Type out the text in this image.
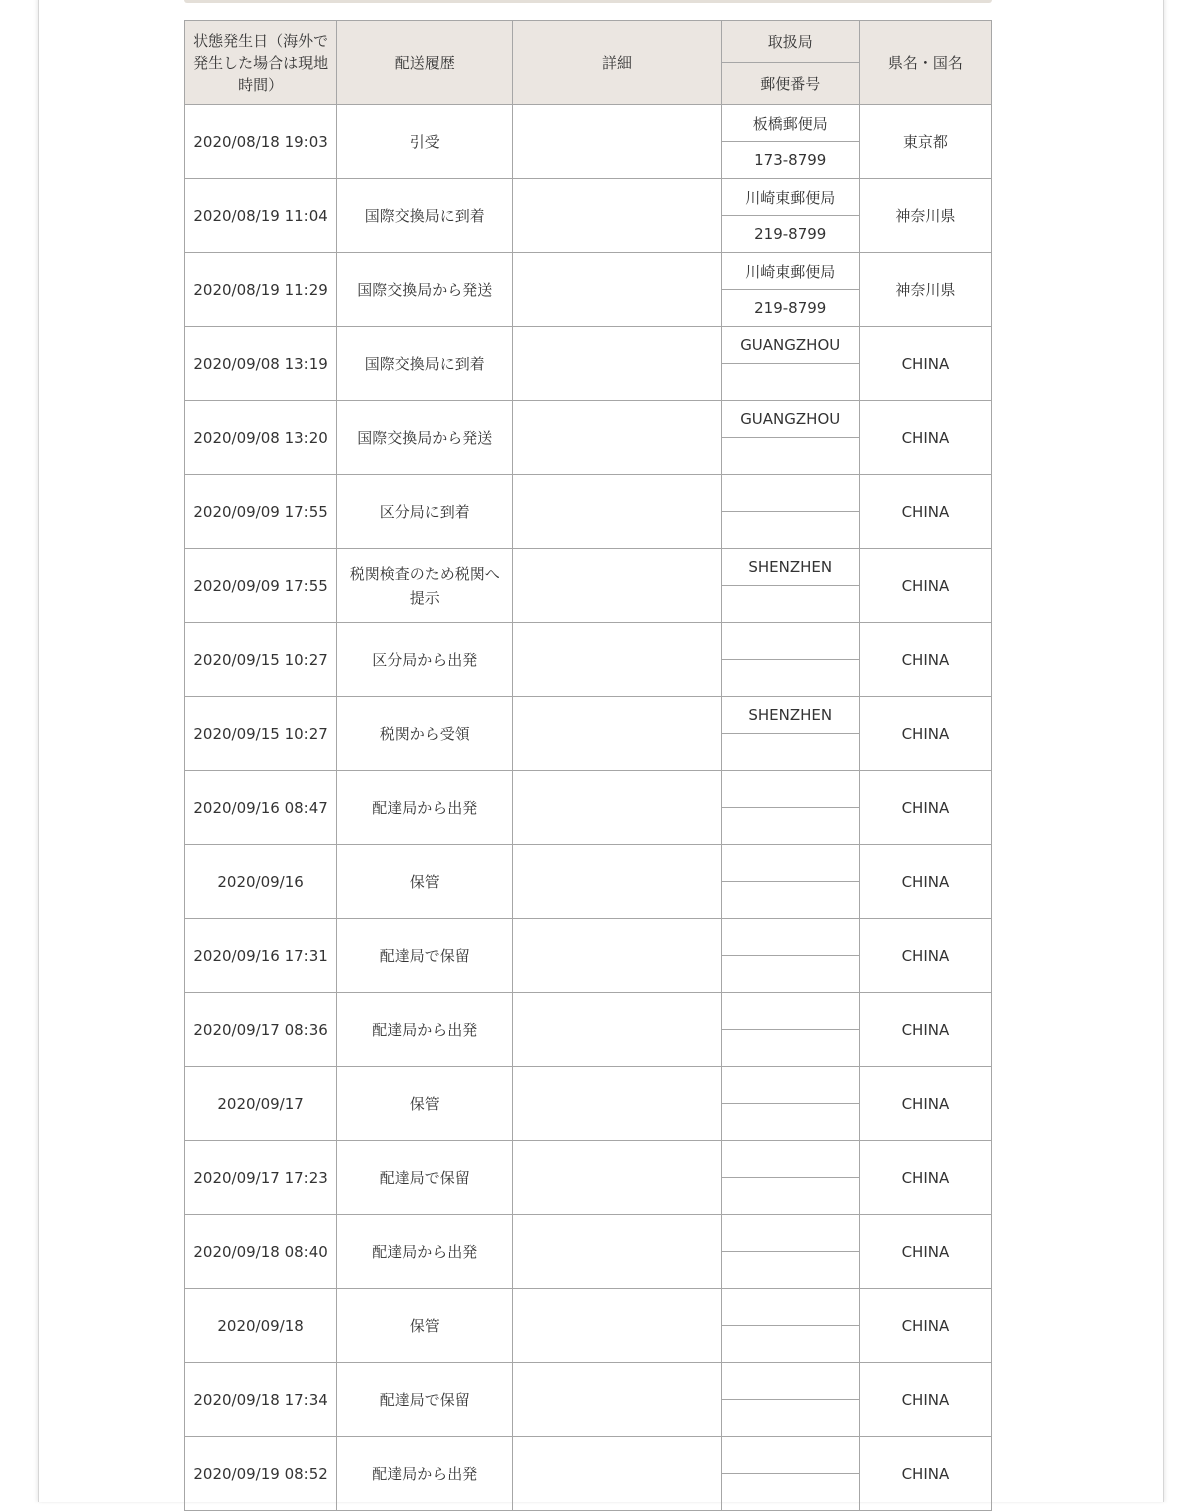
状態発生日（海外で発生した場合は現地時間）	配送履歴	詳細	取扱局	県名・国名
			郵便番号	
2020/08/18 19:03	引受		板橋郵便局	東京都
			173-8799	
2020/08/19 11:04	国際交換局に到着		川崎東郵便局	神奈川県
			219-8799	
2020/08/19 11:29	国際交換局から発送		川崎東郵便局	神奈川県
			219-8799	
2020/09/08 13:19	国際交換局に到着		GUANGZHOU	CHINA

2020/09/08 13:20	国際交換局から発送		GUANGZHOU	CHINA

2020/09/09 17:55	区分局に到着			CHINA

2020/09/09 17:55	税関検査のため税関へ提示		SHENZHEN	CHINA

2020/09/15 10:27	区分局から出発			CHINA

2020/09/15 10:27	税関から受領		SHENZHEN	CHINA

2020/09/16 08:47	配達局から出発			CHINA

2020/09/16	保管			CHINA

2020/09/16 17:31	配達局で保留			CHINA

2020/09/17 08:36	配達局から出発			CHINA

2020/09/17	保管			CHINA

2020/09/17 17:23	配達局で保留			CHINA

2020/09/18 08:40	配達局から出発			CHINA

2020/09/18	保管			CHINA

2020/09/18 17:34	配達局で保留			CHINA

2020/09/19 08:52	配達局から出発			CHINA
